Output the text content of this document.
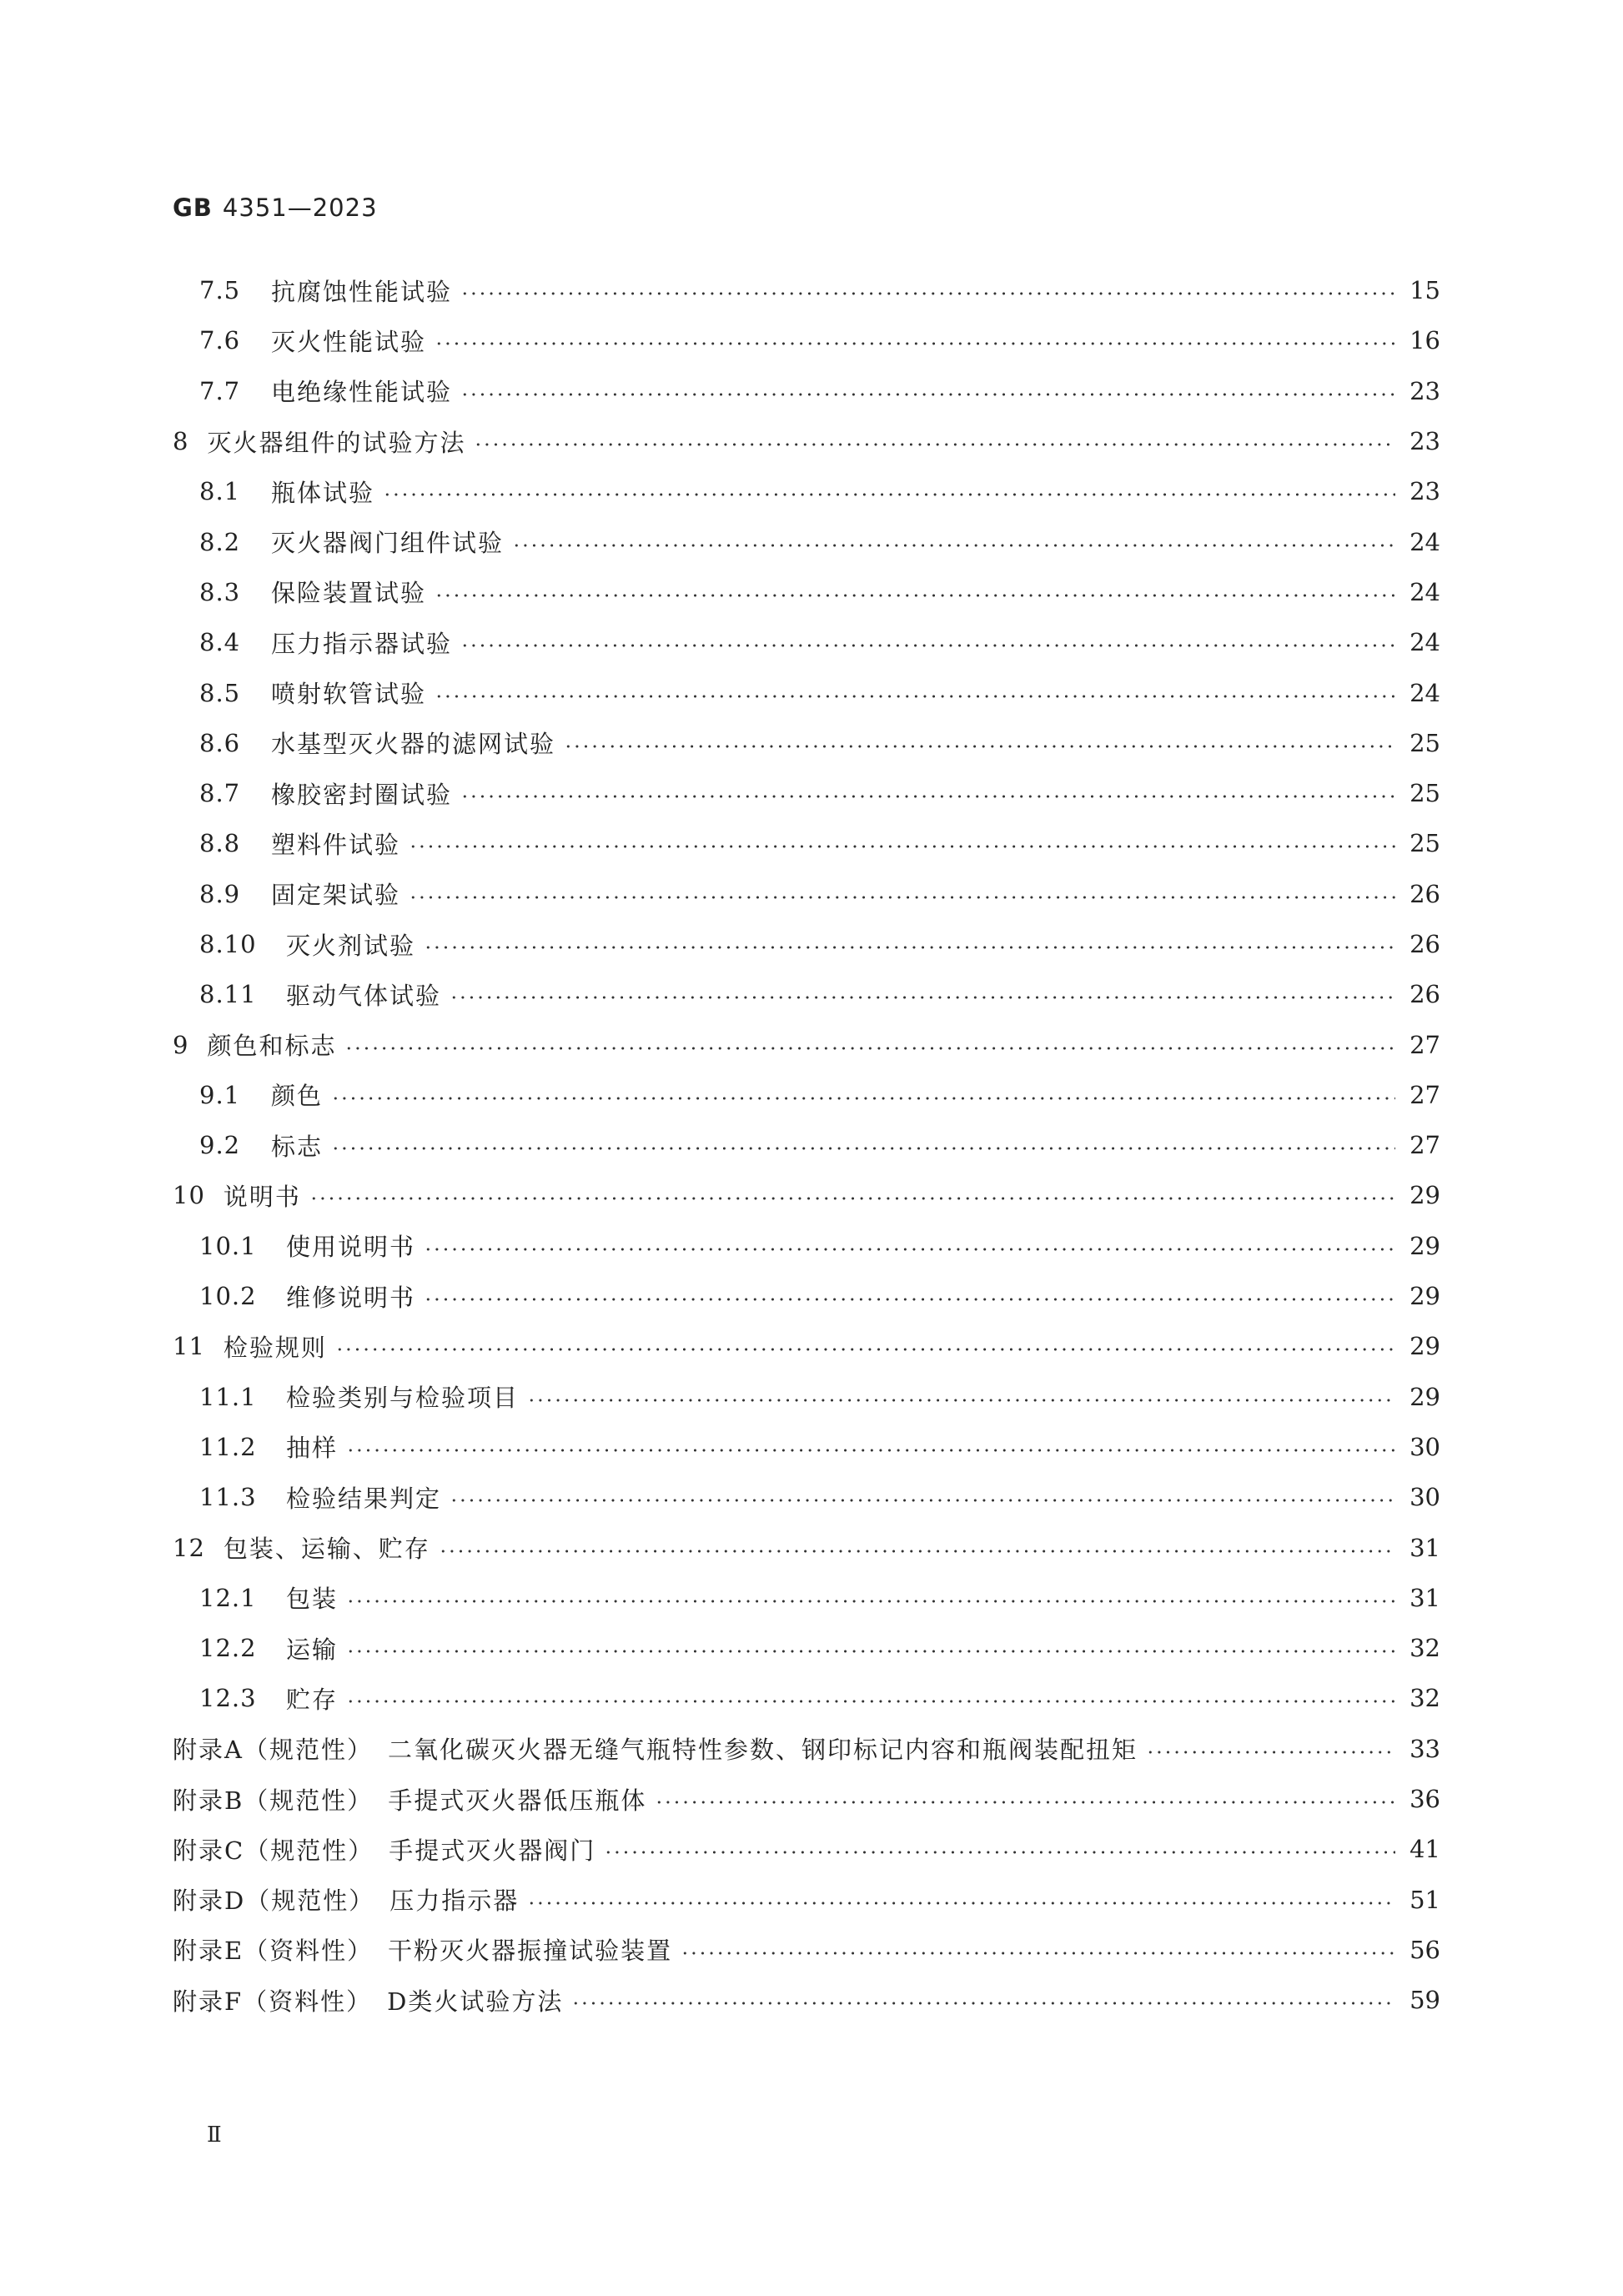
GB 4351—2023
7.5	抗腐蚀性能试验	15
7.6	灭火性能试验	16
7.7	电绝缘性能试验	23
8 灭火器组件的试验方法	23
8.1	瓶体试验	23
8.2	灭火器阀门组件试验	24
8.3	保险装置试验	24
8.4	压力指示器试验	24
8.5	喷射软管试验	24
8.6	水基型灭火器的滤网试验	25
8.7	橡胶密封圈试验	25
8.8	塑料件试验	25
8.9	固定架试验	26
8.10	灭火剂试验	26
8.11	驱动气体试验	26
9 颜色和标志	27
9.1	颜色	27
9.2	标志	27
10 说明书	29
10.1	使用说明书	29
10.2	维修说明书	29
11 检验规则	29
11.1	检验类别与检验项目	29
11.2	抽样	30
11.3	检验结果判定	30
12 包装、运输、贮存	31
12.1	包装	31
12.2	运输	32
12.3	贮存	32
附录A（规范性） 二氧化碳灭火器无缝气瓶特性参数、钢印标记内容和瓶阀装配扭矩	33
附录B（规范性） 手提式灭火器低压瓶体	36
附录C（规范性） 手提式灭火器阀门	41
附录D（规范性） 压力指示器	51
附录E（资料性） 干粉灭火器振撞试验装置	56
附录F（资料性） D类火试验方法	59
Ⅱ
